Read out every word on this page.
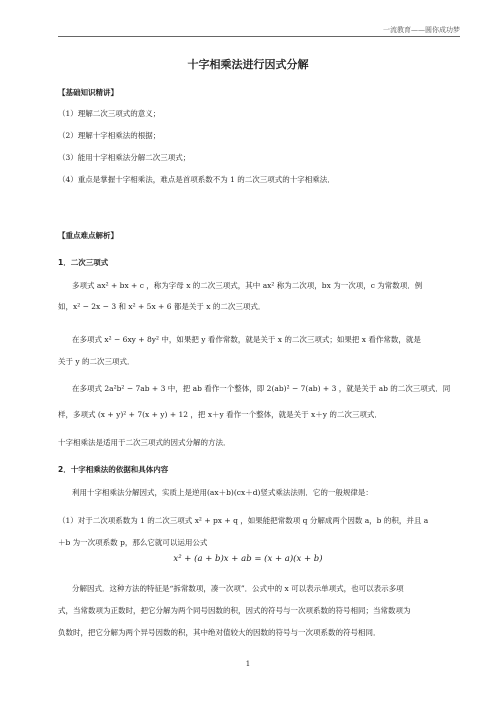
一流教育——圆你成功梦
十字相乘法进行因式分解
【基础知识精讲】
（1）理解二次三项式的意义；
（2）理解十字相乘法的根据；
（3）能用十字相乘法分解二次三项式；
（4）重点是掌握十字相乘法，难点是首项系数不为 1 的二次三项式的十字相乘法．
【重点难点解析】
1．二次三项式
多项式 ax² + bx + c ，称为字母 x 的二次三项式，其中 ax² 称为二次项，bx 为一次项，c 为常数项．例
如，x² − 2x − 3 和 x² + 5x + 6 都是关于 x 的二次三项式．
在多项式 x² − 6xy + 8y² 中，如果把 y 看作常数，就是关于 x 的二次三项式；如果把 x 看作常数，就是
关于 y 的二次三项式．
在多项式 2a²b² − 7ab + 3 中，把 ab 看作一个整体，即 2(ab)² − 7(ab) + 3 ，就是关于 ab 的二次三项式．同
样，多项式 (x + y)² + 7(x + y) + 12 ，把 x＋y 看作一个整体，就是关于 x＋y 的二次三项式．
十字相乘法是适用于二次三项式的因式分解的方法．
2．十字相乘法的依据和具体内容
利用十字相乘法分解因式，实质上是逆用(ax＋b)(cx＋d)竖式乘法法则．它的一般规律是：
（1）对于二次项系数为 1 的二次三项式 x² + px + q ，如果能把常数项 q 分解成两个因数 a，b 的积，并且 a
＋b 为一次项系数 p，那么它就可以运用公式
x² + (a + b)x + ab = (x + a)(x + b)
分解因式．这种方法的特征是“拆常数项，凑一次项”．公式中的 x 可以表示单项式，也可以表示多项
式，当常数项为正数时，把它分解为两个同号因数的积，因式的符号与一次项系数的符号相同；当常数项为
负数时，把它分解为两个异号因数的积，其中绝对值较大的因数的符号与一次项系数的符号相同．
1
